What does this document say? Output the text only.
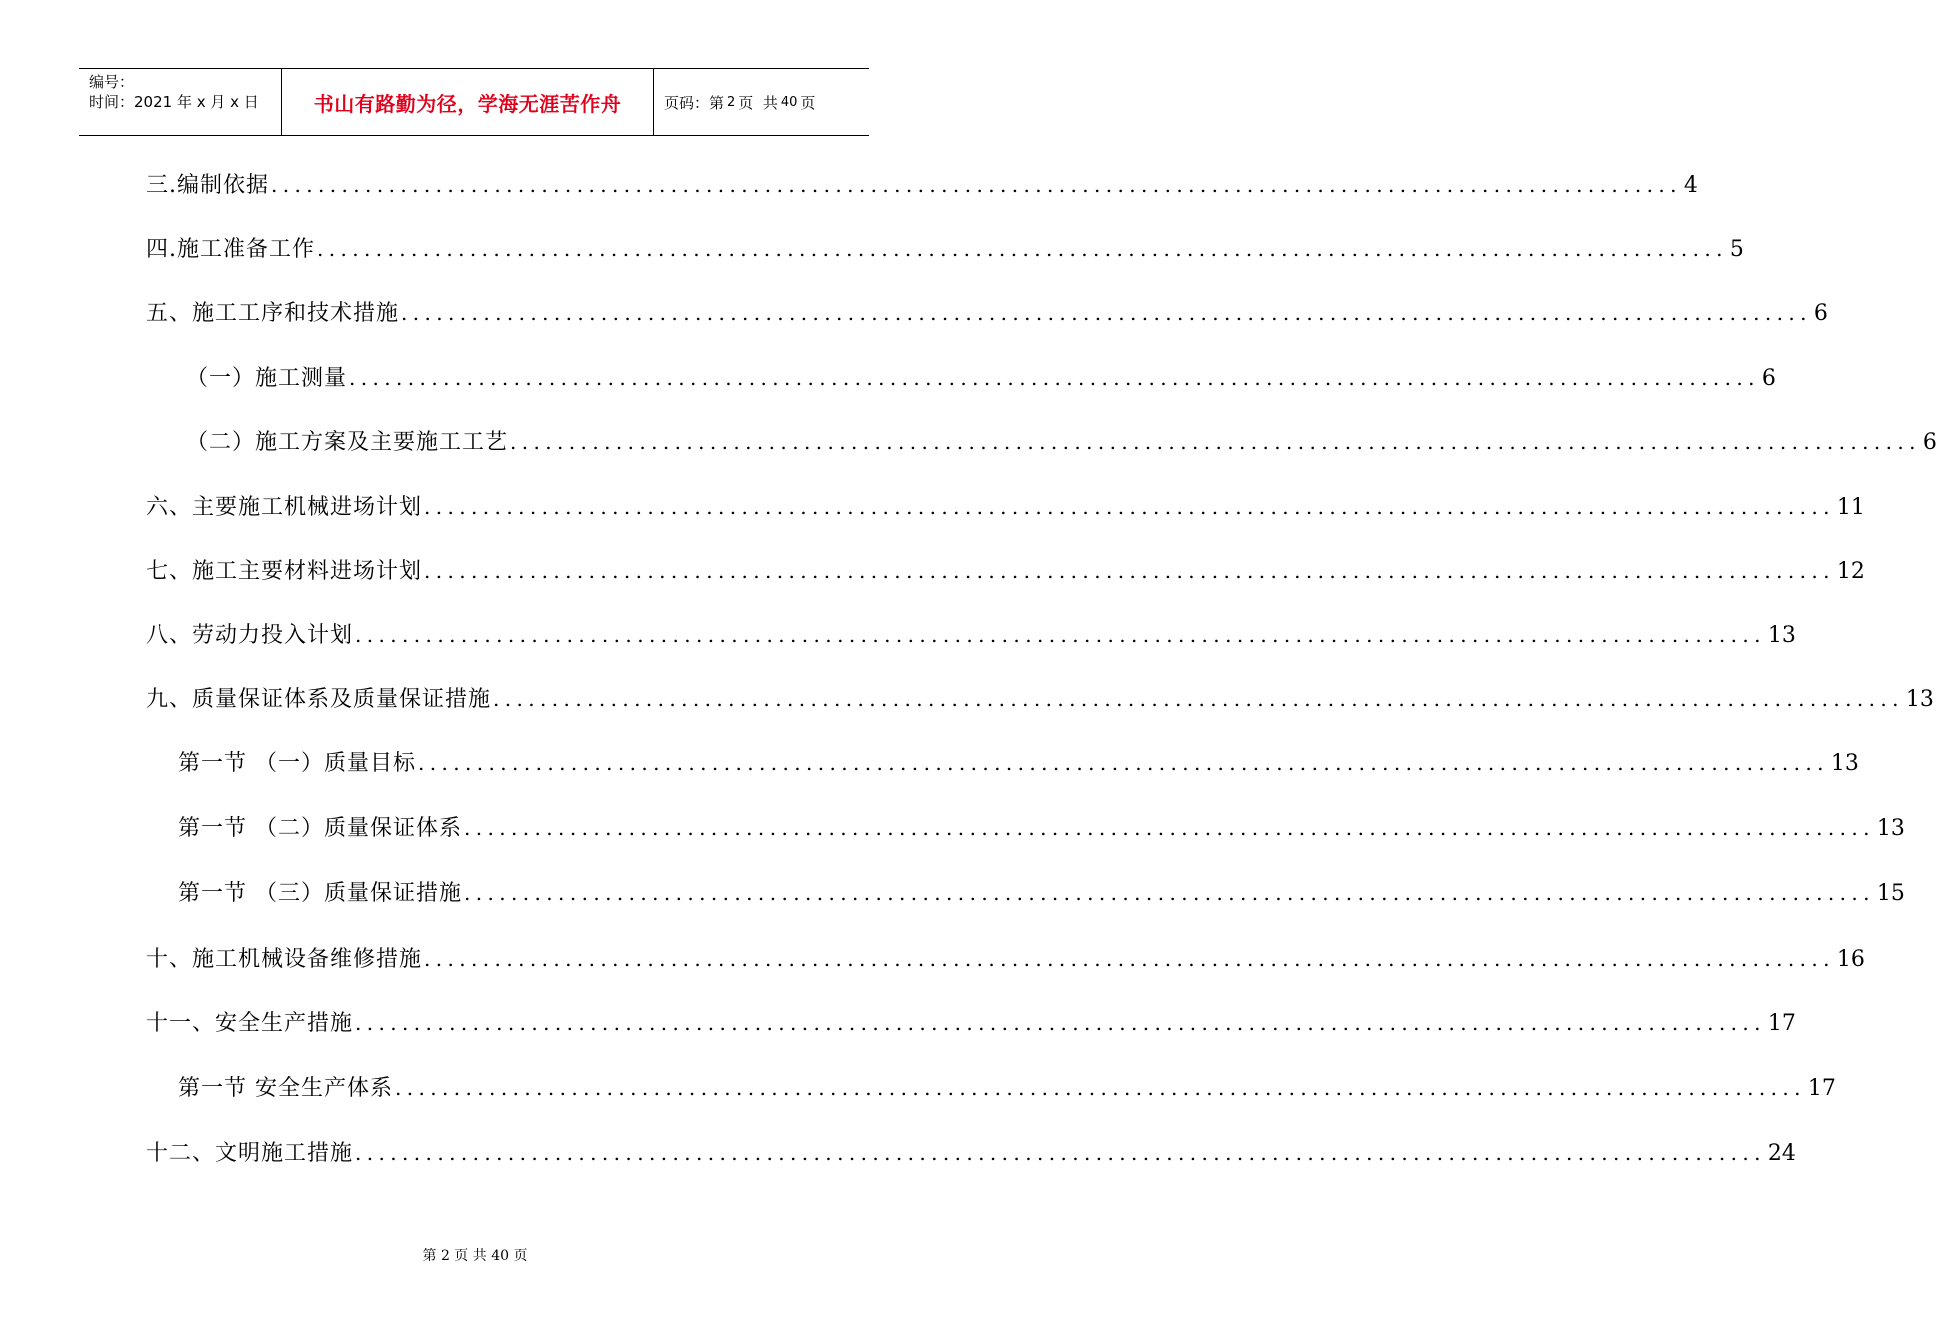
编号：
时间：2021 年 x 月 x 日	书山有路勤为径，学海无涯苦作舟	页码：第 2 页  共 40 页
三.编制依据 ........................................................................................................................ 4
四.施工准备工作 ........................................................................................................................ 5
五、施工工序和技术措施 ........................................................................................................................ 6
（一）施工测量 ........................................................................................................................ 6
（二）施工方案及主要施工工艺 ........................................................................................................................ 6
六、主要施工机械进场计划 ........................................................................................................................ 11
七、施工主要材料进场计划 ........................................................................................................................ 12
八、劳动力投入计划 ........................................................................................................................ 13
九、质量保证体系及质量保证措施 ........................................................................................................................ 13
第一节 （一）质量目标 ........................................................................................................................ 13
第一节 （二）质量保证体系 ........................................................................................................................ 13
第一节 （三）质量保证措施 ........................................................................................................................ 15
十、施工机械设备维修措施 ........................................................................................................................ 16
十一、安全生产措施 ........................................................................................................................ 17
第一节 安全生产体系 ........................................................................................................................ 17
十二、文明施工措施 ........................................................................................................................ 24
第 2 页 共 40 页
